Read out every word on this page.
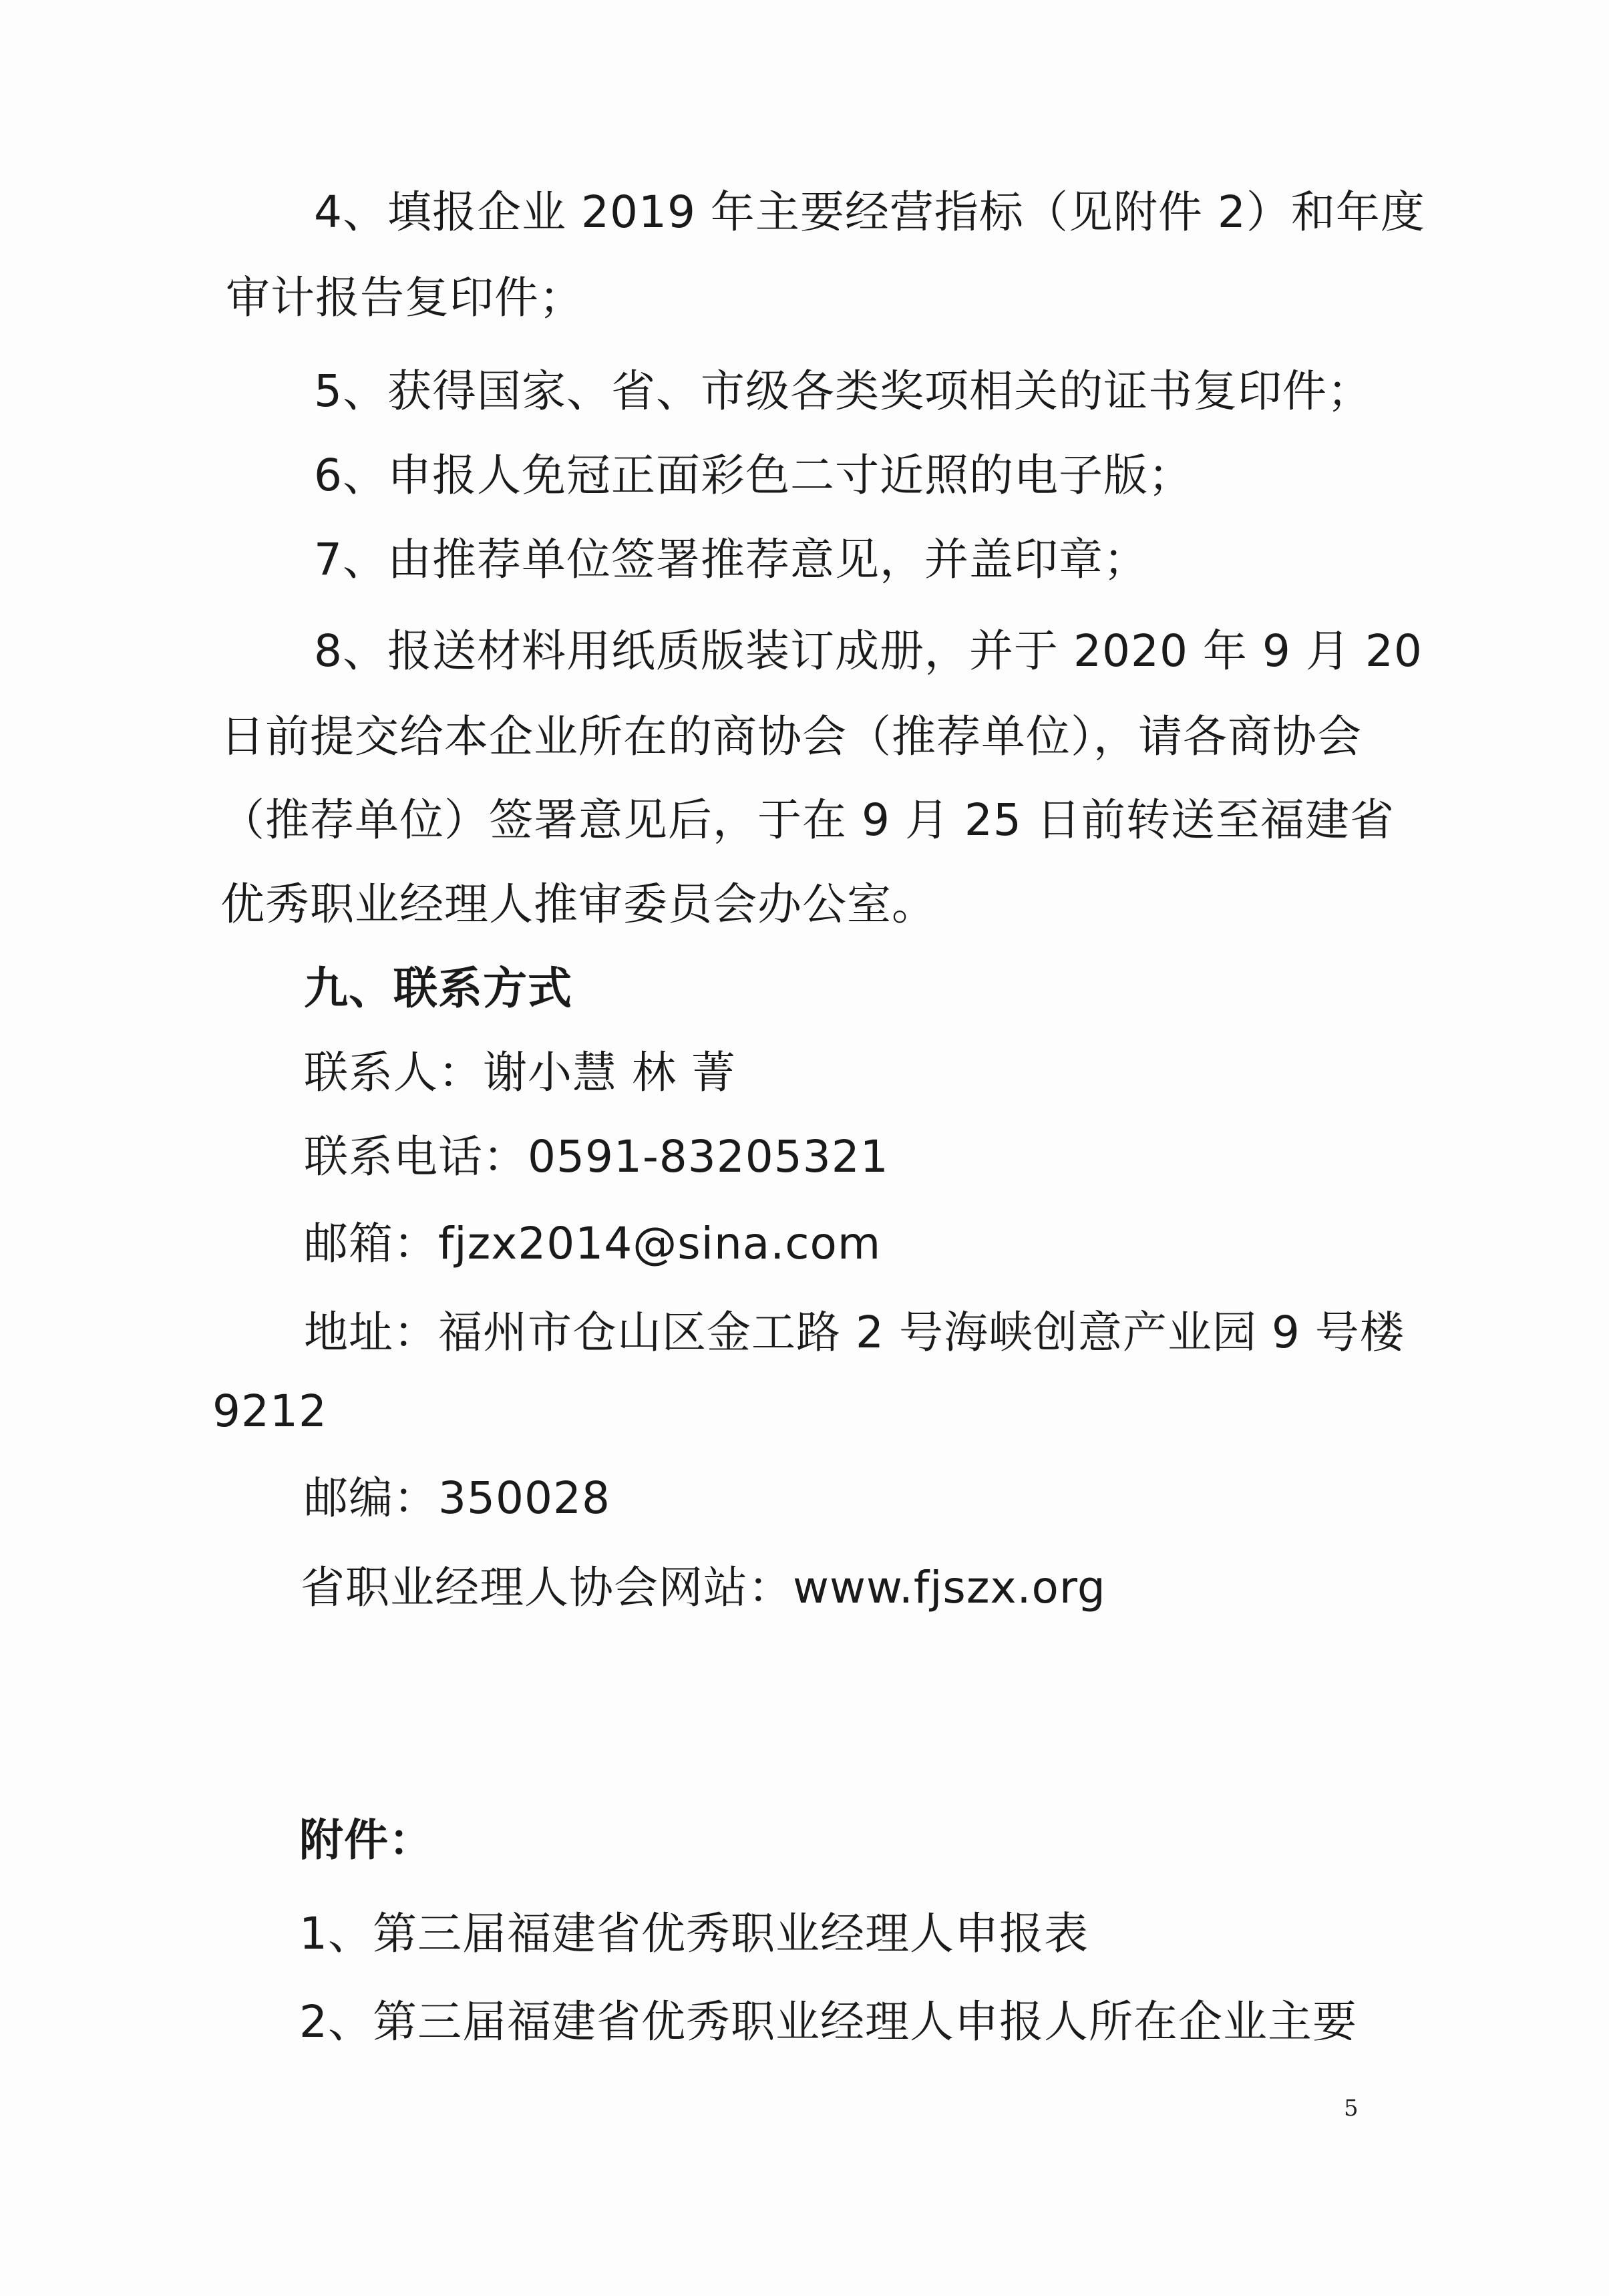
4、填报企业 2019 年主要经营指标（见附件 2）和年度
审计报告复印件；
5、获得国家、省、市级各类奖项相关的证书复印件；
6、申报人免冠正面彩色二寸近照的电子版；
7、由推荐单位签署推荐意见，并盖印章；
8、报送材料用纸质版装订成册，并于 2020 年 9 月 20
日前提交给本企业所在的商协会（推荐单位），请各商协会
（推荐单位）签署意见后，于在 9 月 25 日前转送至福建省
优秀职业经理人推审委员会办公室。
九、联系方式
联系人：谢小慧 林 菁
联系电话：0591-83205321
邮箱：fjzx2014@sina.com
地址：福州市仓山区金工路 2 号海峡创意产业园 9 号楼
9212
邮编：350028
省职业经理人协会网站：www.fjszx.org
附件：
1、第三届福建省优秀职业经理人申报表
2、第三届福建省优秀职业经理人申报人所在企业主要
5
